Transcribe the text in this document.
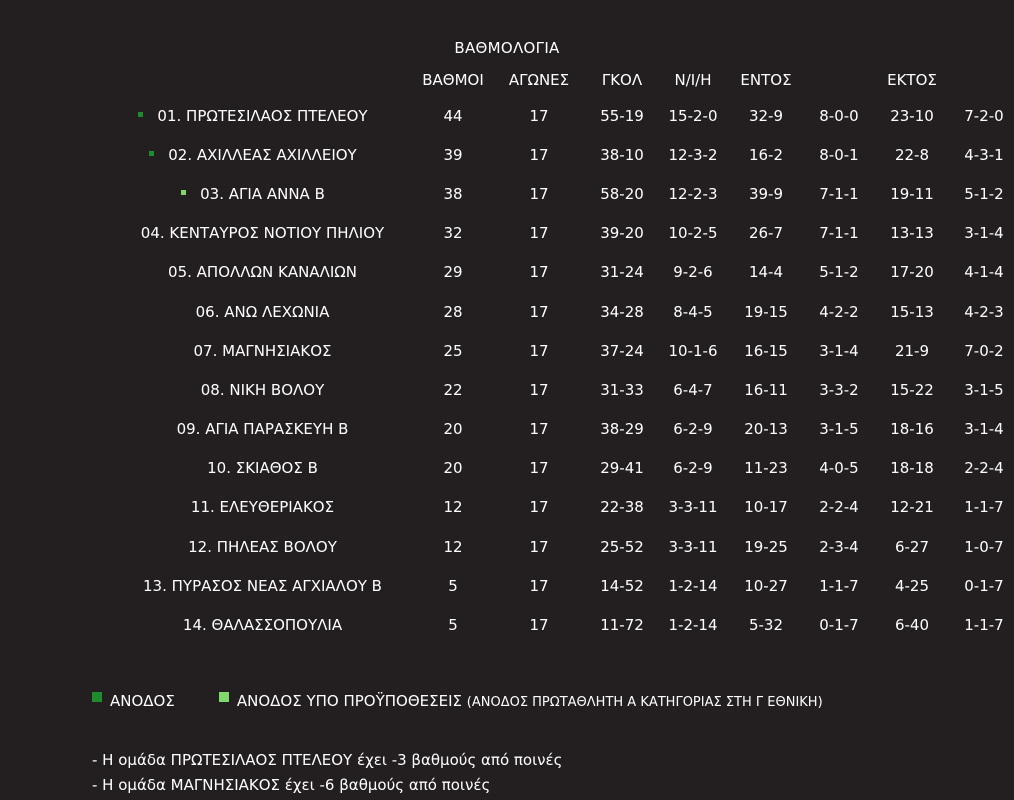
ΒΑΘΜΟΛΟΓΙΑ
		ΒΑΘΜΟΙ	ΑΓΩΝΕΣ	ΓΚΟΛ	Ν/Ι/Η	ΕΝΤΟΣ		ΕΚΤΟΣ	
	01. ΠΡΩΤΕΣΙΛΑΟΣ ΠΤΕΛΕΟΥ	44	17	55-19	15-2-0	32-9	8-0-0	23-10	7-2-0
	02. ΑΧΙΛΛΕΑΣ ΑΧΙΛΛΕΙΟΥ	39	17	38-10	12-3-2	16-2	8-0-1	22-8	4-3-1
	03. ΑΓΙΑ ΑΝΝΑ Β	38	17	58-20	12-2-3	39-9	7-1-1	19-11	5-1-2
	04. ΚΕΝΤΑΥΡΟΣ ΝΟΤΙΟΥ ΠΗΛΙΟΥ	32	17	39-20	10-2-5	26-7	7-1-1	13-13	3-1-4
	05. ΑΠΟΛΛΩΝ ΚΑΝΑΛΙΩΝ	29	17	31-24	9-2-6	14-4	5-1-2	17-20	4-1-4
	06. ΑΝΩ ΛΕΧΩΝΙΑ	28	17	34-28	8-4-5	19-15	4-2-2	15-13	4-2-3
	07. ΜΑΓΝΗΣΙΑΚΟΣ	25	17	37-24	10-1-6	16-15	3-1-4	21-9	7-0-2
	08. ΝΙΚΗ ΒΟΛΟΥ	22	17	31-33	6-4-7	16-11	3-3-2	15-22	3-1-5
	09. ΑΓΙΑ ΠΑΡΑΣΚΕΥΗ Β	20	17	38-29	6-2-9	20-13	3-1-5	18-16	3-1-4
	10. ΣΚΙΑΘΟΣ Β	20	17	29-41	6-2-9	11-23	4-0-5	18-18	2-2-4
	11. ΕΛΕΥΘΕΡΙΑΚΟΣ	12	17	22-38	3-3-11	10-17	2-2-4	12-21	1-1-7
	12. ΠΗΛΕΑΣ ΒΟΛΟΥ	12	17	25-52	3-3-11	19-25	2-3-4	6-27	1-0-7
	13. ΠΥΡΑΣΟΣ ΝΕΑΣ ΑΓΧΙΑΛΟΥ Β	5	17	14-52	1-2-14	10-27	1-1-7	4-25	0-1-7
	14. ΘΑΛΑΣΣΟΠΟΥΛΙΑ	5	17	11-72	1-2-14	5-32	0-1-7	6-40	1-1-7
ΑΝΟΔΟΣ	ΑΝΟΔΟΣ ΥΠΟ ΠΡΟΫΠΟΘΕΣΕΙΣ (ΑΝΟΔΟΣ ΠΡΩΤΑΘΛΗΤΗ Α ΚΑΤΗΓΟΡΙΑΣ ΣΤΗ Γ ΕΘΝΙΚΗ)
- Η ομάδα ΠΡΩΤΕΣΙΛΑΟΣ ΠΤΕΛΕΟΥ έχει -3 βαθμούς από ποινές
- Η ομάδα ΜΑΓΝΗΣΙΑΚΟΣ έχει -6 βαθμούς από ποινές
